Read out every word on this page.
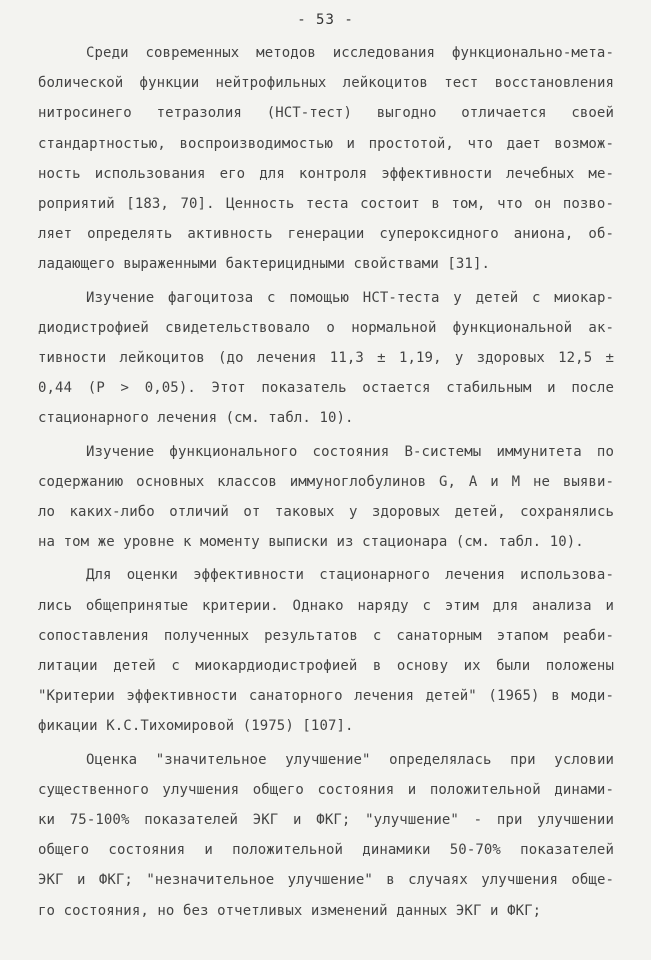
- 53 -
Среди современных методов исследования функционально-мета-
болической функции нейтрофильных лейкоцитов тест восстановления
нитросинего тетразолия (НСТ-тест) выгодно отличается своей
стандартностью, воспроизводимостью и простотой, что дает возмож-
ность использования его для контроля эффективности лечебных ме-
роприятий [183, 70]. Ценность теста состоит в том, что он позво-
ляет определять активность генерации супероксидного аниона, об-
ладающего выраженными бактерицидными свойствами [31].
Изучение фагоцитоза с помощью НСТ-теста у детей с миокар-
диодистрофией свидетельствовало о нормальной функциональной ак-
тивности лейкоцитов (до лечения 11,3 ± 1,19, у здоровых 12,5 ±
0,44 (P > 0,05). Этот показатель остается стабильным и после
стационарного лечения (см. табл. 10).
Изучение функционального состояния В-системы иммунитета по
содержанию основных классов иммуноглобулинов G, A и M не выяви-
ло каких-либо отличий от таковых у здоровых детей, сохранялись
на том же уровне к моменту выписки из стационара (см. табл. 10).
Для оценки эффективности стационарного лечения использова-
лись общепринятые критерии. Однако наряду с этим для анализа и
сопоставления полученных результатов с санаторным этапом реаби-
литации детей с миокардиодистрофией в основу их были положены
"Критерии эффективности санаторного лечения детей" (1965) в моди-
фикации К.С.Тихомировой (1975) [107].
Оценка "значительное улучшение" определялась при условии
существенного улучшения общего состояния и положительной динами-
ки 75-100% показателей ЭКГ и ФКГ; "улучшение" - при улучшении
общего состояния и положительной динамики 50-70% показателей
ЭКГ и ФКГ; "незначительное улучшение" в случаях улучшения обще-
го состояния, но без отчетливых изменений данных ЭКГ и ФКГ;
